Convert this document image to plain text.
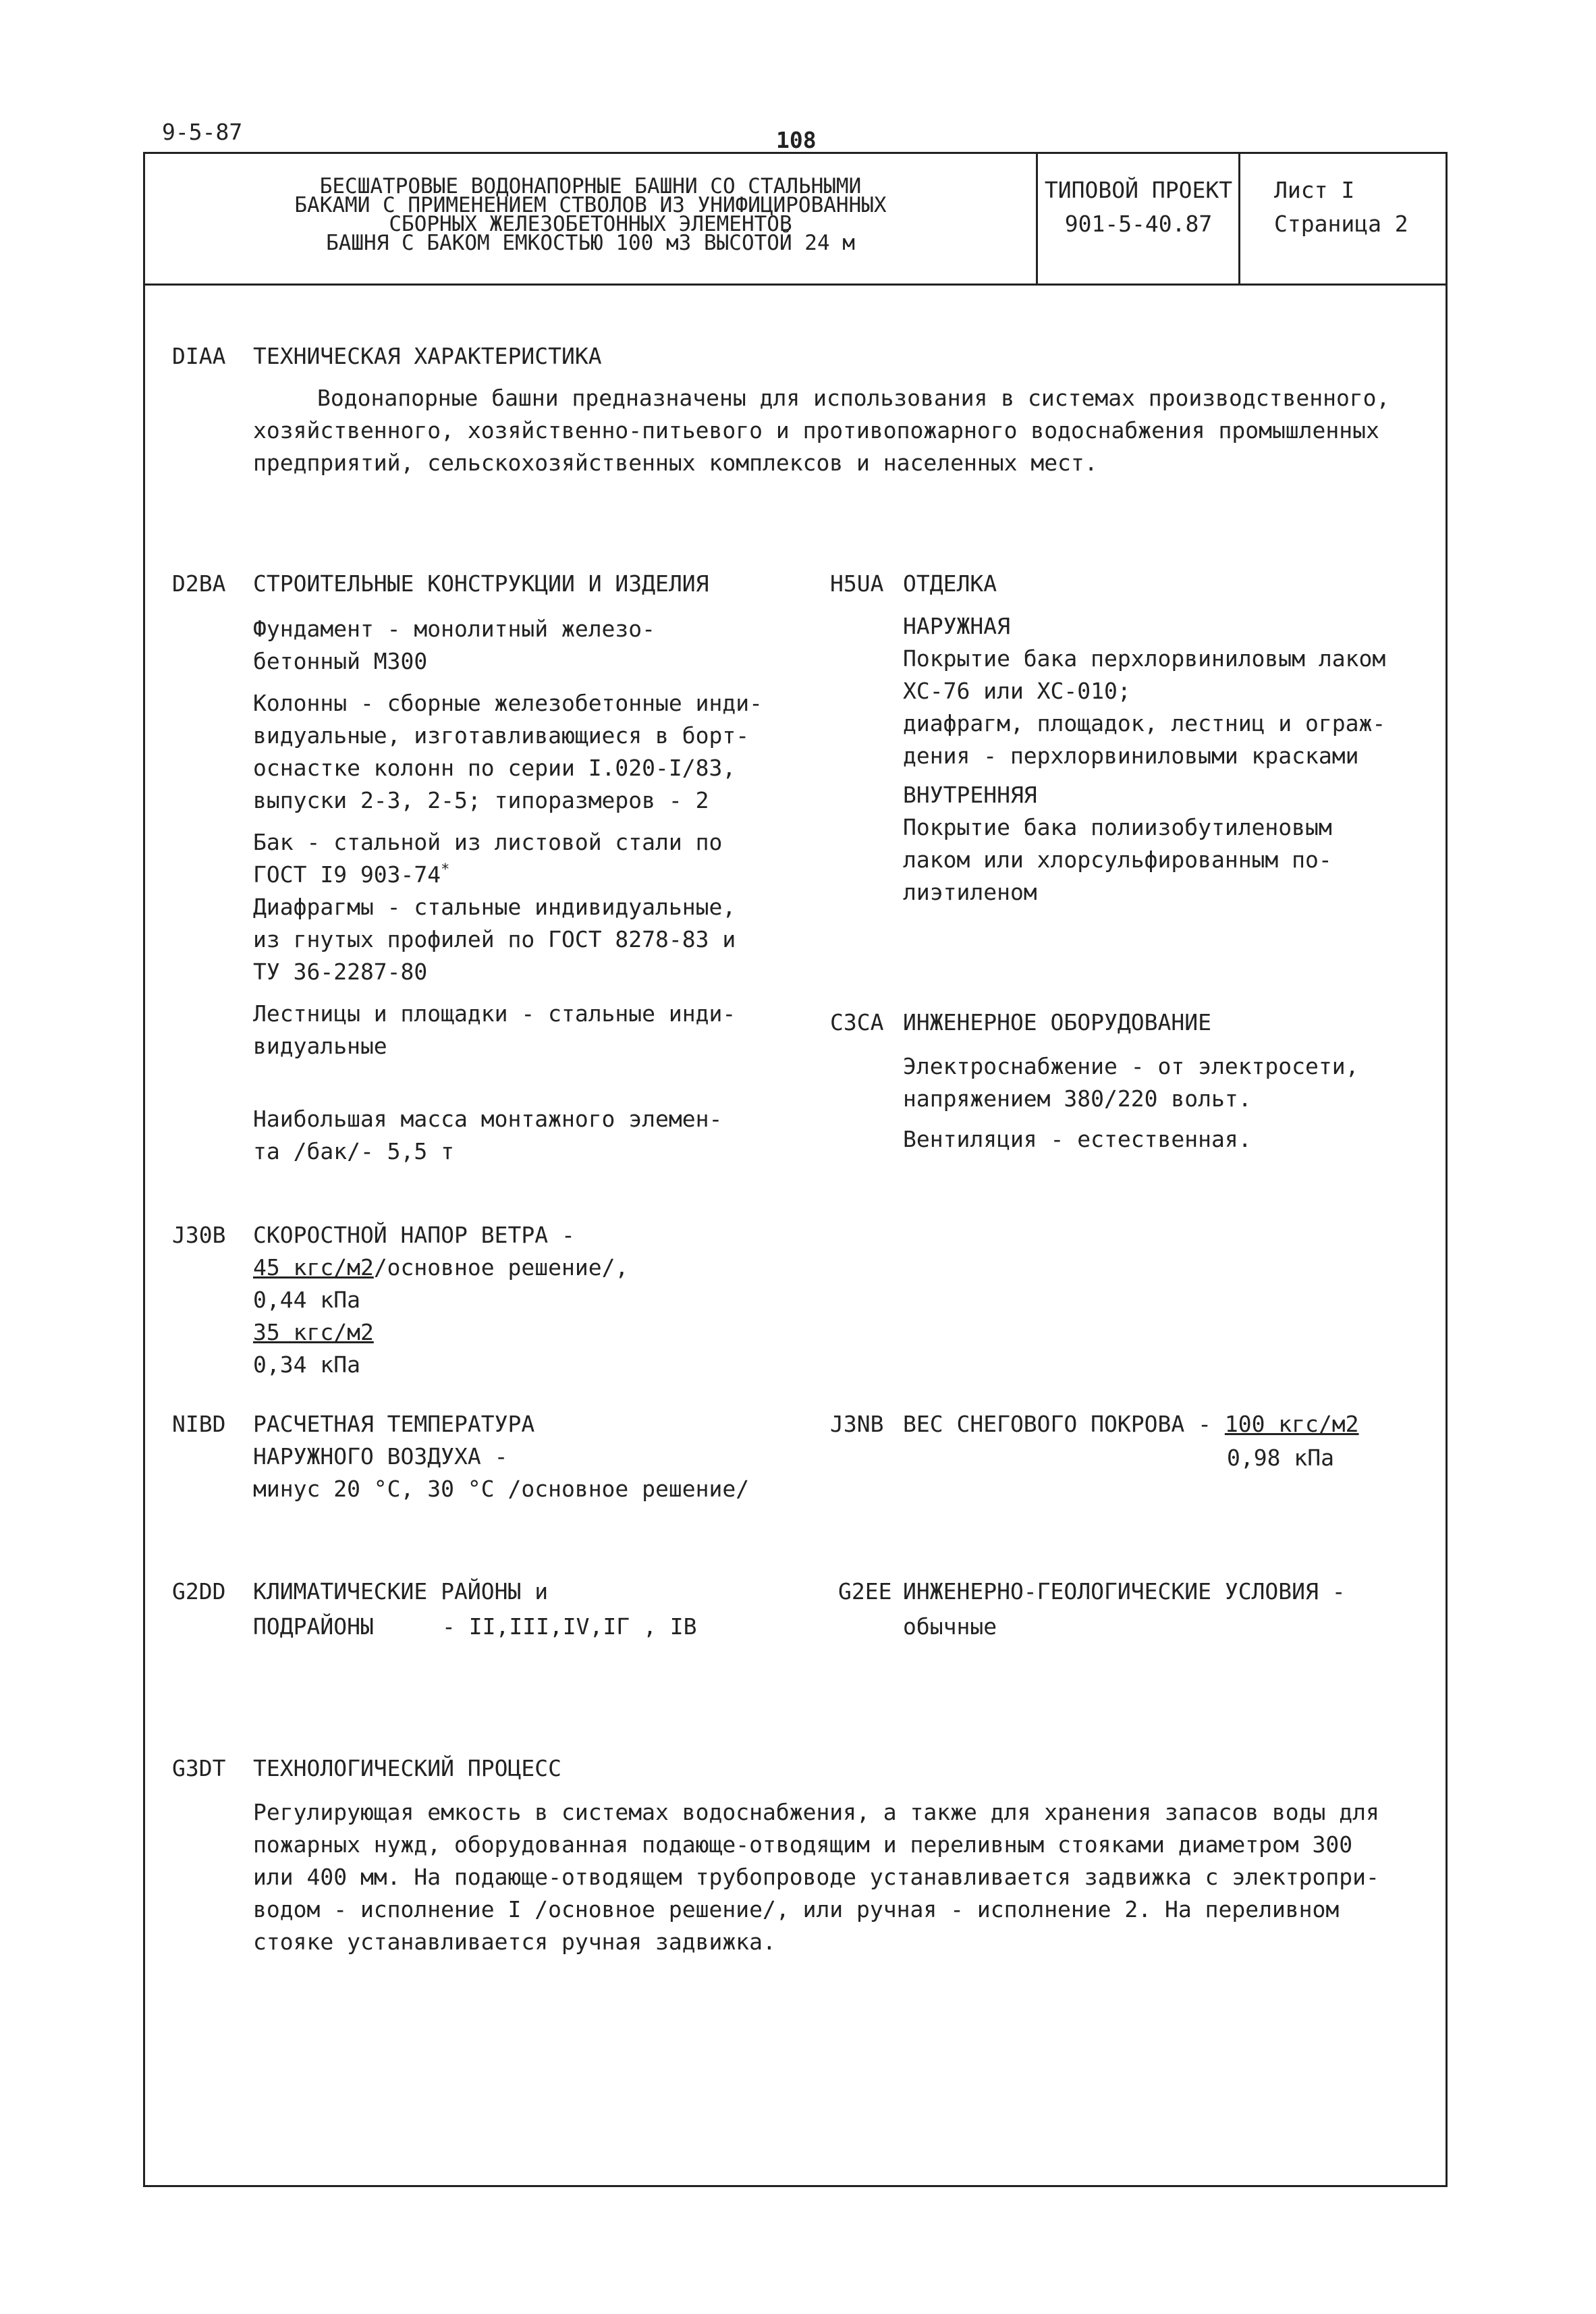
9-5-87	108
БЕСШАТРОВЫЕ ВОДОНАПОРНЫЕ БАШНИ СО СТАЛЬНЫМИ
БАКАМИ С ПРИМЕНЕНИЕМ СТВОЛОВ ИЗ УНИФИЦИРОВАННЫХ
СБОРНЫХ ЖЕЛЕЗОБЕТОННЫХ ЭЛЕМЕНТОВ
БАШНЯ С БАКОМ ЕМКОСТЬЮ 100 м3 ВЫСОТОЙ 24 м
ТИПОВОЙ ПРОЕКТ
901-5-40.87
Лист I
Страница 2
DIAA ТЕХНИЧЕСКАЯ ХАРАКТЕРИСТИКА
Водонапорные башни предназначены для использования в системах производственного,
хозяйственного, хозяйственно-питьевого и противопожарного водоснабжения промышленных
предприятий, сельскохозяйственных комплексов и населенных мест.
D2BA СТРОИТЕЛЬНЫЕ КОНСТРУКЦИИ И ИЗДЕЛИЯ
Фундамент - монолитный железо-
бетонный М300
Колонны - сборные железобетонные инди-
видуальные, изготавливающиеся в борт-
оснастке колонн по серии I.020-I/83,
выпуски 2-3, 2-5; типоразмеров - 2
Бак - стальной из листовой стали по
ГОСТ I9 903-74*
Диафрагмы - стальные индивидуальные,
из гнутых профилей по ГОСТ 8278-83 и
ТУ 36-2287-80
Лестницы и площадки - стальные инди-
видуальные
Наибольшая масса монтажного элемен-
та /бак/- 5,5 т
H5UA ОТДЕЛКА
НАРУЖНАЯ
Покрытие бака перхлорвиниловым лаком
ХС-76 или ХС-010;
диафрагм, площадок, лестниц и ограж-
дения - перхлорвиниловыми красками
ВНУТРЕННЯЯ
Покрытие бака полиизобутиленовым
лаком или хлорсульфированным по-
лиэтиленом
C3CA ИНЖЕНЕРНОЕ ОБОРУДОВАНИЕ
Электроснабжение - от электросети,
напряжением 380/220 вольт.
Вентиляция - естественная.
J30B СКОРОСТНОЙ НАПОР ВЕТРА -
45 кгс/м2/основное решение/,
0,44 кПа
35 кгс/м2
0,34 кПа
NIBD РАСЧЕТНАЯ ТЕМПЕРАТУРА
НАРУЖНОГО ВОЗДУХА -
минус 20 °С, 30 °С /основное решение/
J3NB ВЕС СНЕГОВОГО ПОКРОВА - 100 кгс/м2
0,98 кПа
G2DD КЛИМАТИЧЕСКИЕ РАЙОНЫ и
ПОДРАЙОНЫ	- II,III,IV,IГ , IВ
G2EE ИНЖЕНЕРНО-ГЕОЛОГИЧЕСКИЕ УСЛОВИЯ -
обычные
G3DT ТЕХНОЛОГИЧЕСКИЙ ПРОЦЕСС
Регулирующая емкость в системах водоснабжения, а также для хранения запасов воды для
пожарных нужд, оборудованная подающе-отводящим и переливным стояками диаметром 300
или 400 мм. На подающе-отводящем трубопроводе устанавливается задвижка с электропри-
водом - исполнение I /основное решение/, или ручная - исполнение 2. На переливном
стояке устанавливается ручная задвижка.
